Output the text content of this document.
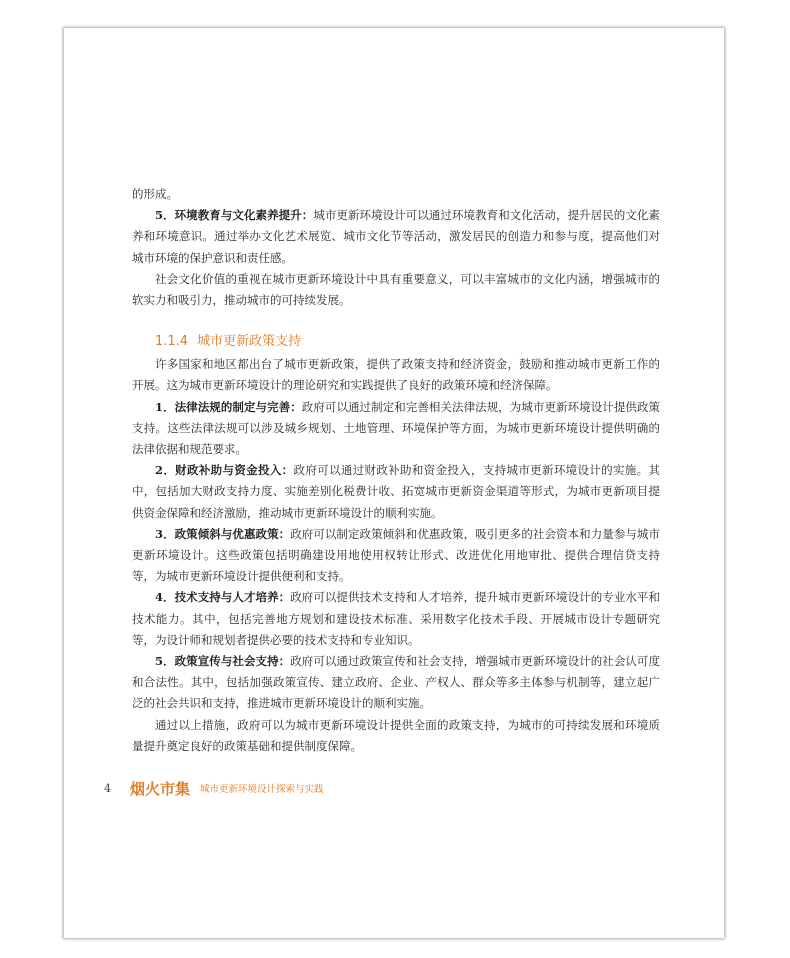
的形成。

5．环境教育与文化素养提升：城市更新环境设计可以通过环境教育和文化活动，提升居民的文化素养和环境意识。通过举办文化艺术展览、城市文化节等活动，激发居民的创造力和参与度，提高他们对城市环境的保护意识和责任感。

社会文化价值的重视在城市更新环境设计中具有重要意义，可以丰富城市的文化内涵，增强城市的软实力和吸引力，推动城市的可持续发展。

1.1.4 城市更新政策支持

许多国家和地区都出台了城市更新政策，提供了政策支持和经济资金，鼓励和推动城市更新工作的开展。这为城市更新环境设计的理论研究和实践提供了良好的政策环境和经济保障。

1．法律法规的制定与完善：政府可以通过制定和完善相关法律法规，为城市更新环境设计提供政策支持。这些法律法规可以涉及城乡规划、土地管理、环境保护等方面，为城市更新环境设计提供明确的法律依据和规范要求。

2．财政补助与资金投入：政府可以通过财政补助和资金投入，支持城市更新环境设计的实施。其中，包括加大财政支持力度、实施差别化税费计收、拓宽城市更新资金渠道等形式，为城市更新项目提供资金保障和经济激励，推动城市更新环境设计的顺利实施。

3．政策倾斜与优惠政策：政府可以制定政策倾斜和优惠政策，吸引更多的社会资本和力量参与城市更新环境设计。这些政策包括明确建设用地使用权转让形式、改进优化用地审批、提供合理信贷支持等，为城市更新环境设计提供便利和支持。

4．技术支持与人才培养：政府可以提供技术支持和人才培养，提升城市更新环境设计的专业水平和技术能力。其中，包括完善地方规划和建设技术标准、采用数字化技术手段、开展城市设计专题研究等，为设计师和规划者提供必要的技术支持和专业知识。

5．政策宣传与社会支持：政府可以通过政策宣传和社会支持，增强城市更新环境设计的社会认可度和合法性。其中，包括加强政策宣传、建立政府、企业、产权人、群众等多主体参与机制等，建立起广泛的社会共识和支持，推进城市更新环境设计的顺利实施。

通过以上措施，政府可以为城市更新环境设计提供全面的政策支持，为城市的可持续发展和环境质量提升奠定良好的政策基础和提供制度保障。

4	烟火市集 城市更新环境设计探索与实践
